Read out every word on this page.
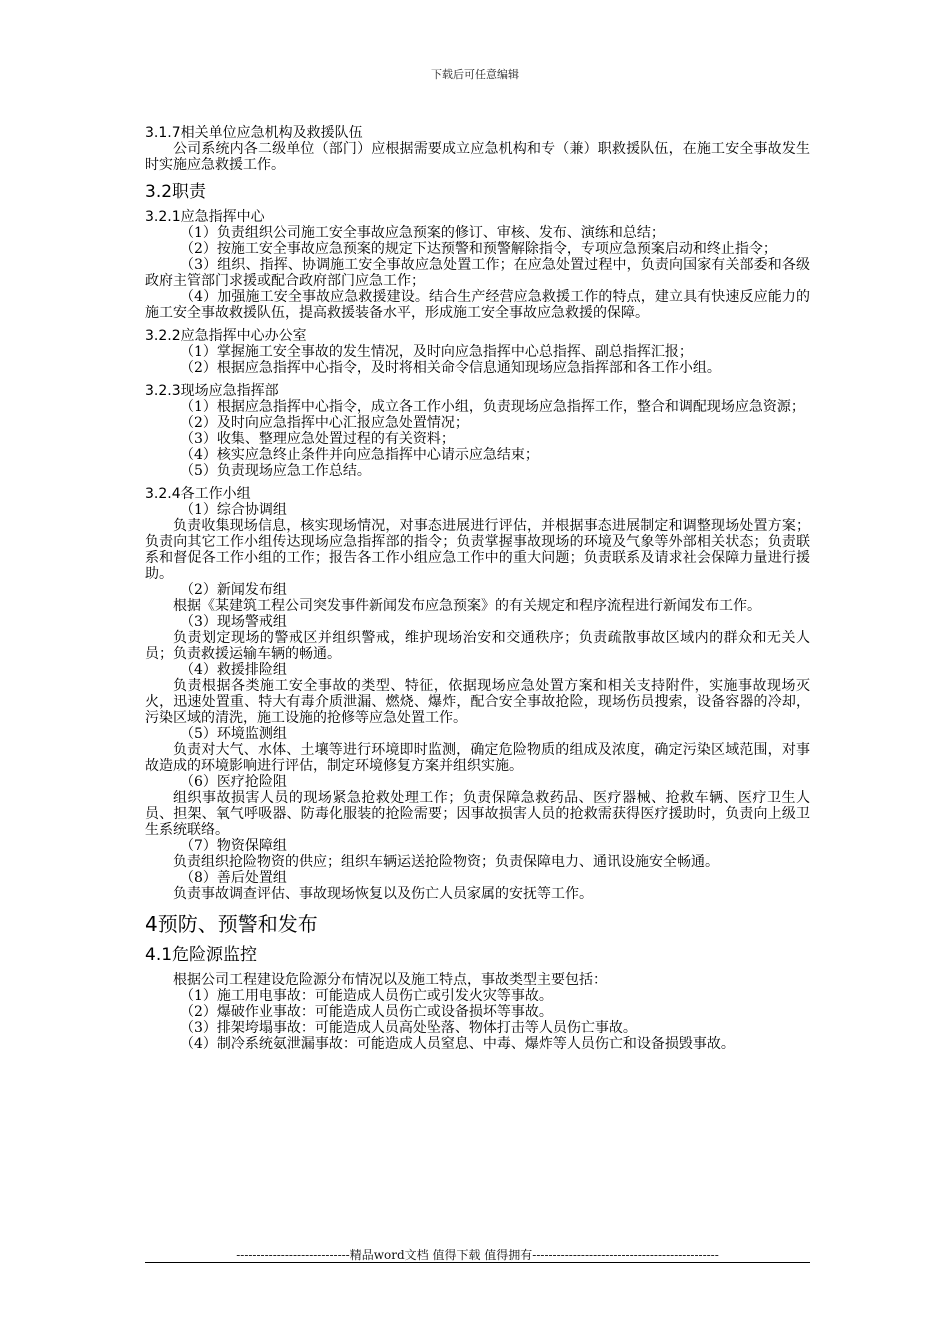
下载后可任意编辑
3.1.7相关单位应急机构及救援队伍
公司系统内各二级单位（部门）应根据需要成立应急机构和专（兼）职救援队伍，在施工安全事故发生时实施应急救援工作。
3.2职责
3.2.1应急指挥中心
（1）负责组织公司施工安全事故应急预案的修订、审核、发布、演练和总结；
（2）按施工安全事故应急预案的规定下达预警和预警解除指令，专项应急预案启动和终止指令；
（3）组织、指挥、协调施工安全事故应急处置工作；在应急处置过程中，负责向国家有关部委和各级政府主管部门求援或配合政府部门应急工作；
（4）加强施工安全事故应急救援建设。结合生产经营应急救援工作的特点，建立具有快速反应能力的施工安全事故救援队伍，提高救援装备水平，形成施工安全事故应急救援的保障。
3.2.2应急指挥中心办公室
（1）掌握施工安全事故的发生情况，及时向应急指挥中心总指挥、副总指挥汇报；
（2）根据应急指挥中心指令，及时将相关命令信息通知现场应急指挥部和各工作小组。
3.2.3现场应急指挥部
（1）根据应急指挥中心指令，成立各工作小组，负责现场应急指挥工作，整合和调配现场应急资源；
（2）及时向应急指挥中心汇报应急处置情况；
（3）收集、整理应急处置过程的有关资料；
（4）核实应急终止条件并向应急指挥中心请示应急结束；
（5）负责现场应急工作总结。
3.2.4各工作小组
（1）综合协调组
负责收集现场信息，核实现场情况，对事态进展进行评估，并根据事态进展制定和调整现场处置方案；负责向其它工作小组传达现场应急指挥部的指令；负责掌握事故现场的环境及气象等外部相关状态；负责联系和督促各工作小组的工作；报告各工作小组应急工作中的重大问题；负责联系及请求社会保障力量进行援助。
（2）新闻发布组
根据《某建筑工程公司突发事件新闻发布应急预案》的有关规定和程序流程进行新闻发布工作。
（3）现场警戒组
负责划定现场的警戒区并组织警戒，维护现场治安和交通秩序；负责疏散事故区域内的群众和无关人员；负责救援运输车辆的畅通。
（4）救援排险组
负责根据各类施工安全事故的类型、特征，依据现场应急处置方案和相关支持附件，实施事故现场灭火，迅速处置重、特大有毒介质泄漏、燃烧、爆炸，配合安全事故抢险，现场伤员搜索，设备容器的冷却，污染区域的清洗，施工设施的抢修等应急处置工作。
（5）环境监测组
负责对大气、水体、土壤等进行环境即时监测，确定危险物质的组成及浓度，确定污染区域范围，对事故造成的环境影响进行评估，制定环境修复方案并组织实施。
（6）医疗抢险阻
组织事故损害人员的现场紧急抢救处理工作；负责保障急救药品、医疗器械、抢救车辆、医疗卫生人员、担架、氧气呼吸器、防毒化服装的抢险需要；因事故损害人员的抢救需获得医疗援助时，负责向上级卫生系统联络。
（7）物资保障组
负责组织抢险物资的供应；组织车辆运送抢险物资；负责保障电力、通讯设施安全畅通。
（8）善后处置组
负责事故调查评估、事故现场恢复以及伤亡人员家属的安抚等工作。
4预防、预警和发布
4.1危险源监控
根据公司工程建设危险源分布情况以及施工特点，事故类型主要包括：
（1）施工用电事故：可能造成人员伤亡或引发火灾等事故。
（2）爆破作业事故：可能造成人员伤亡或设备损坏等事故。
（3）排架垮塌事故：可能造成人员高处坠落、物体打击等人员伤亡事故。
（4）制冷系统氨泄漏事故：可能造成人员窒息、中毒、爆炸等人员伤亡和设备损毁事故。
----------------------------精品word文档 值得下载 值得拥有----------------------------------------------
